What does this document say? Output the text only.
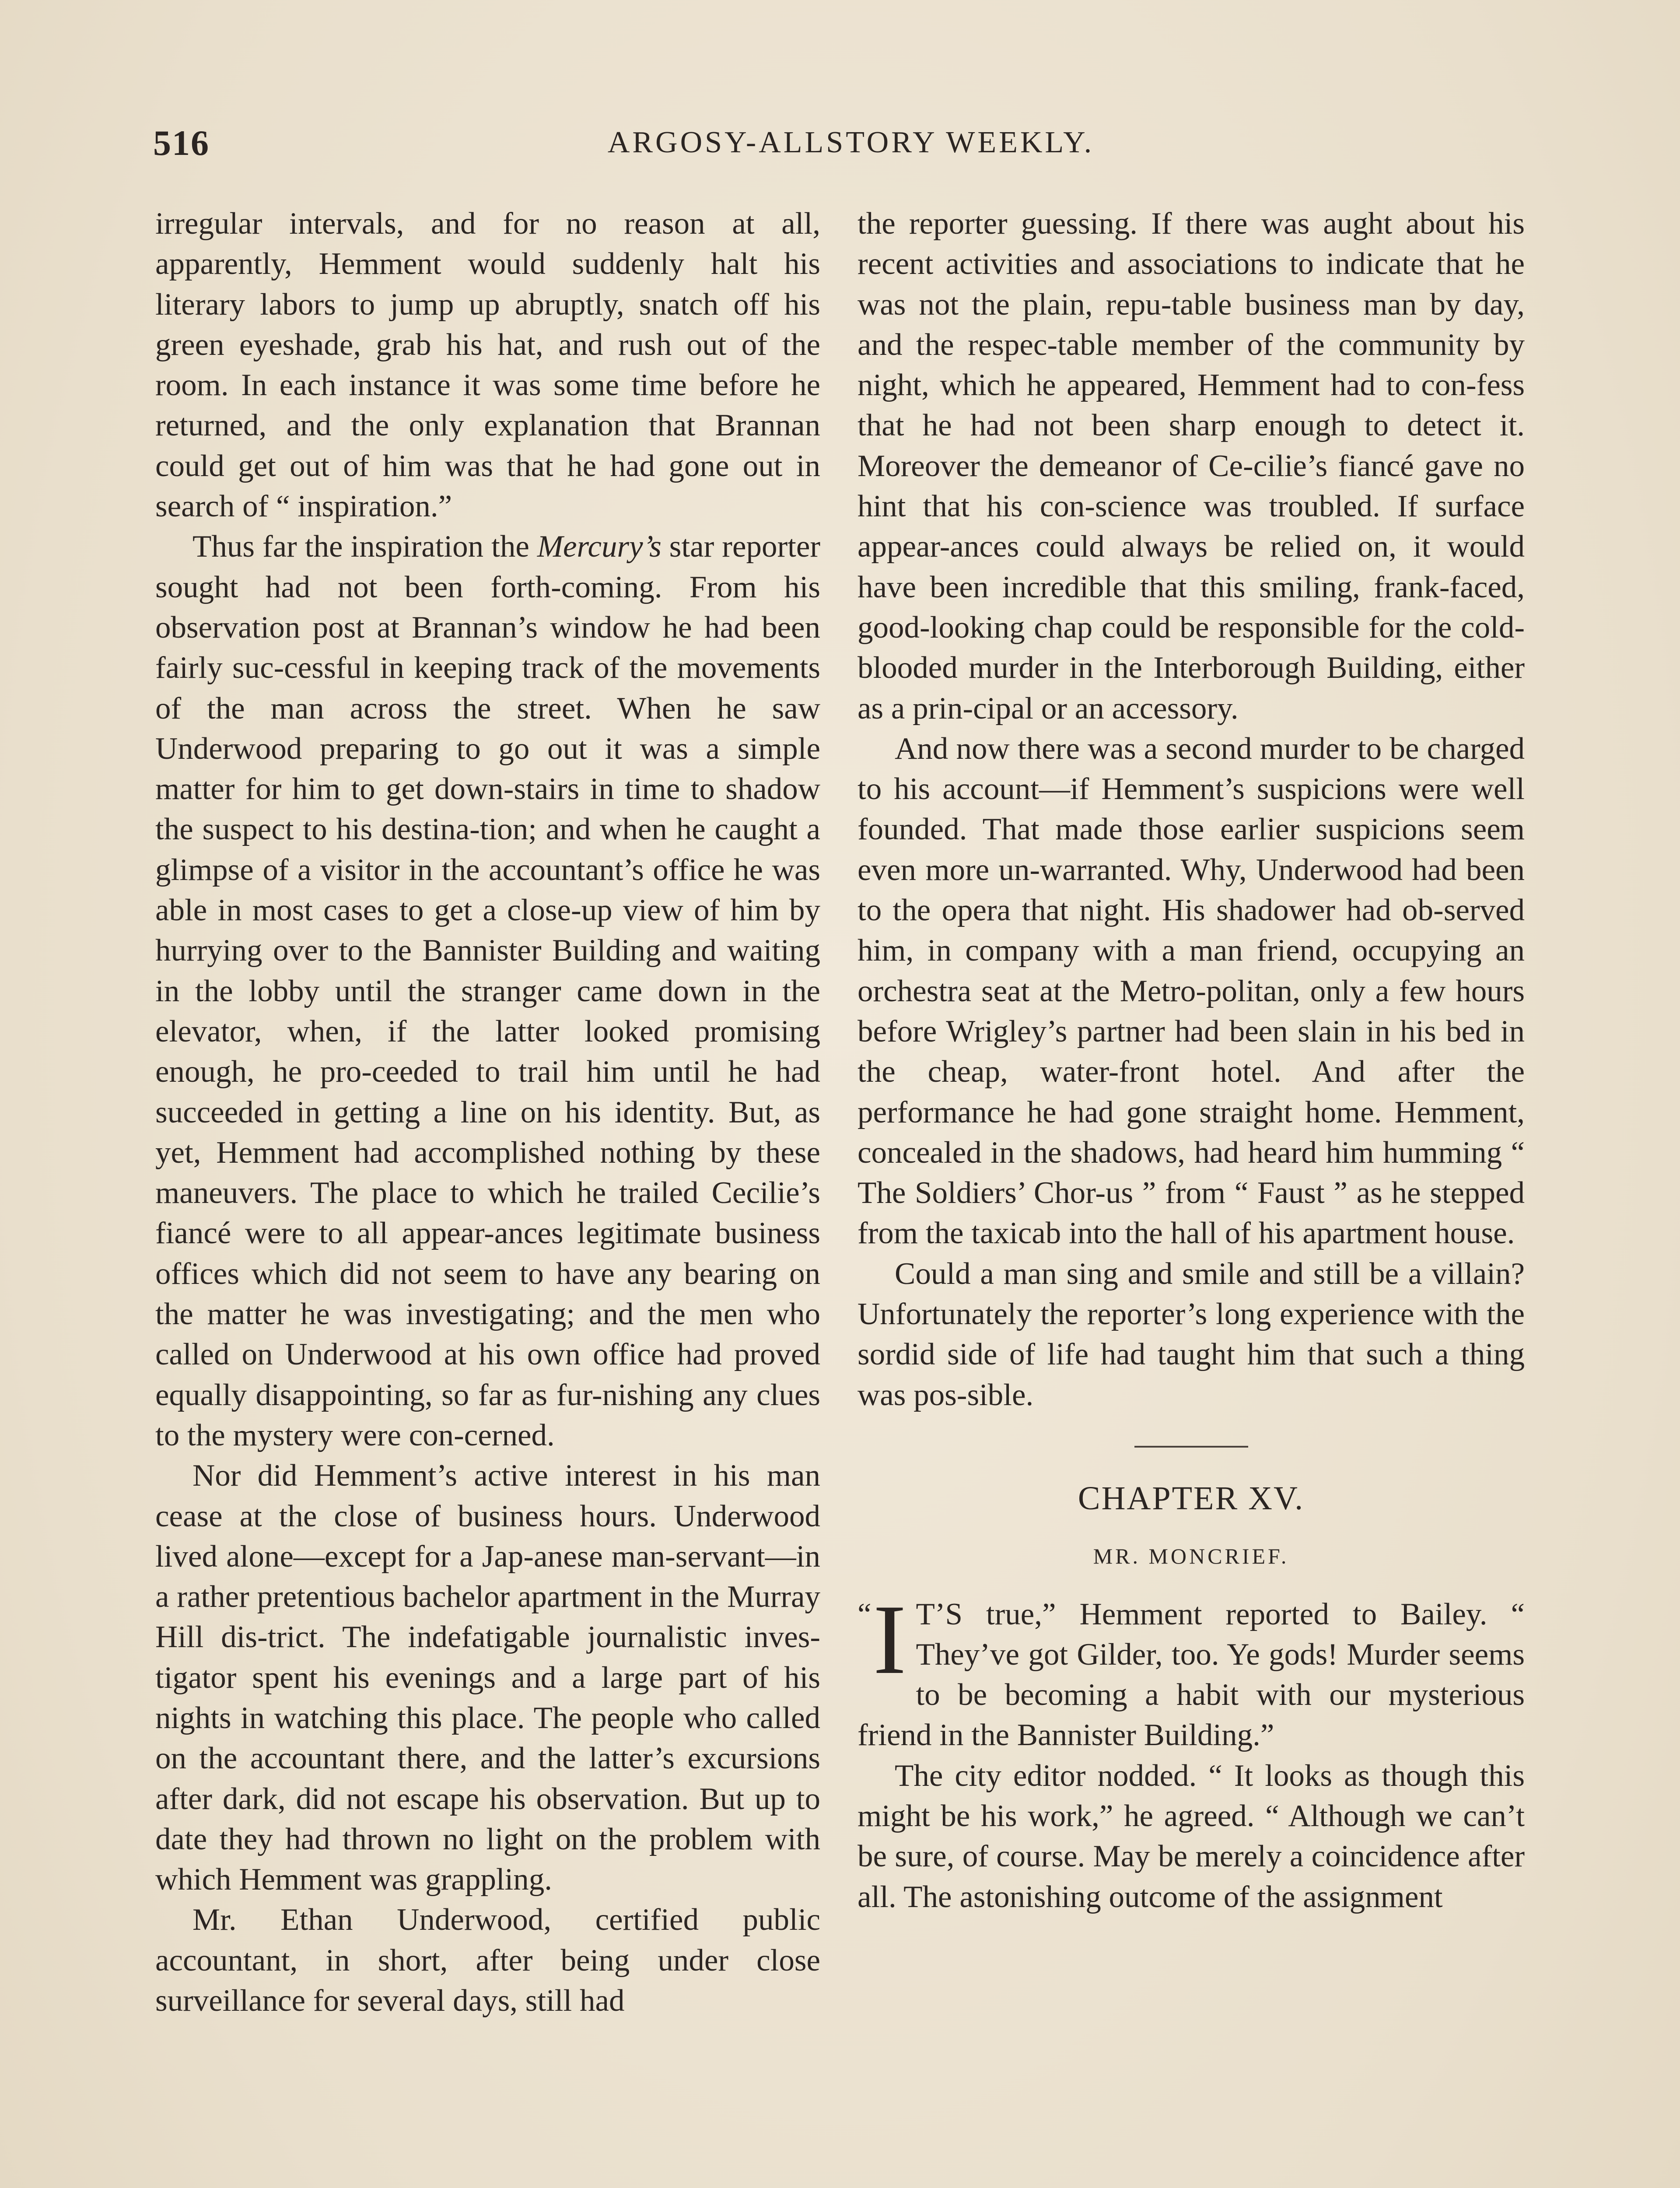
516	ARGOSY-ALLSTORY WEEKLY.

irregular intervals, and for no reason at all, apparently, Hemment would suddenly halt his literary labors to jump up abruptly, snatch off his green eyeshade, grab his hat, and rush out of the room. In each instance it was some time before he returned, and the only explanation that Brannan could get out of him was that he had gone out in search of “ inspiration.”

Thus far the inspiration the Mercury’s star reporter sought had not been forth-coming. From his observation post at Brannan’s window he had been fairly suc-cessful in keeping track of the movements of the man across the street. When he saw Underwood preparing to go out it was a simple matter for him to get down-stairs in time to shadow the suspect to his destina-tion; and when he caught a glimpse of a visitor in the accountant’s office he was able in most cases to get a close-up view of him by hurrying over to the Bannister Building and waiting in the lobby until the stranger came down in the elevator, when, if the latter looked promising enough, he pro-ceeded to trail him until he had succeeded in getting a line on his identity. But, as yet, Hemment had accomplished nothing by these maneuvers. The place to which he trailed Cecilie’s fiancé were to all appear-ances legitimate business offices which did not seem to have any bearing on the matter he was investigating; and the men who called on Underwood at his own office had proved equally disappointing, so far as fur-nishing any clues to the mystery were con-cerned.

Nor did Hemment’s active interest in his man cease at the close of business hours. Underwood lived alone—except for a Jap-anese man-servant—in a rather pretentious bachelor apartment in the Murray Hill dis-trict. The indefatigable journalistic inves-tigator spent his evenings and a large part of his nights in watching this place. The people who called on the accountant there, and the latter’s excursions after dark, did not escape his observation. But up to date they had thrown no light on the problem with which Hemment was grappling.

Mr. Ethan Underwood, certified public accountant, in short, after being under close surveillance for several days, still had

the reporter guessing. If there was aught about his recent activities and associations to indicate that he was not the plain, repu-table business man by day, and the respec-table member of the community by night, which he appeared, Hemment had to con-fess that he had not been sharp enough to detect it. Moreover the demeanor of Ce-cilie’s fiancé gave no hint that his con-science was troubled. If surface appear-ances could always be relied on, it would have been incredible that this smiling, frank-faced, good-looking chap could be responsible for the cold-blooded murder in the Interborough Building, either as a prin-cipal or an accessory.

And now there was a second murder to be charged to his account—if Hemment’s suspicions were well founded. That made those earlier suspicions seem even more un-warranted. Why, Underwood had been to the opera that night. His shadower had ob-served him, in company with a man friend, occupying an orchestra seat at the Metro-politan, only a few hours before Wrigley’s partner had been slain in his bed in the cheap, water-front hotel. And after the performance he had gone straight home. Hemment, concealed in the shadows, had heard him humming “ The Soldiers’ Chor-us ” from “ Faust ” as he stepped from the taxicab into the hall of his apartment house.

Could a man sing and smile and still be a villain? Unfortunately the reporter’s long experience with the sordid side of life had taught him that such a thing was pos-sible.

CHAPTER XV.
MR. MONCRIEF.

“ I T’S true,” Hemment reported to Bailey. “ They’ve got Gilder, too. Ye gods! Murder seems to be becoming a habit with our mysterious friend in the Bannister Building.”

The city editor nodded. “ It looks as though this might be his work,” he agreed. “ Although we can’t be sure, of course. May be merely a coincidence after all. The astonishing outcome of the assignment
